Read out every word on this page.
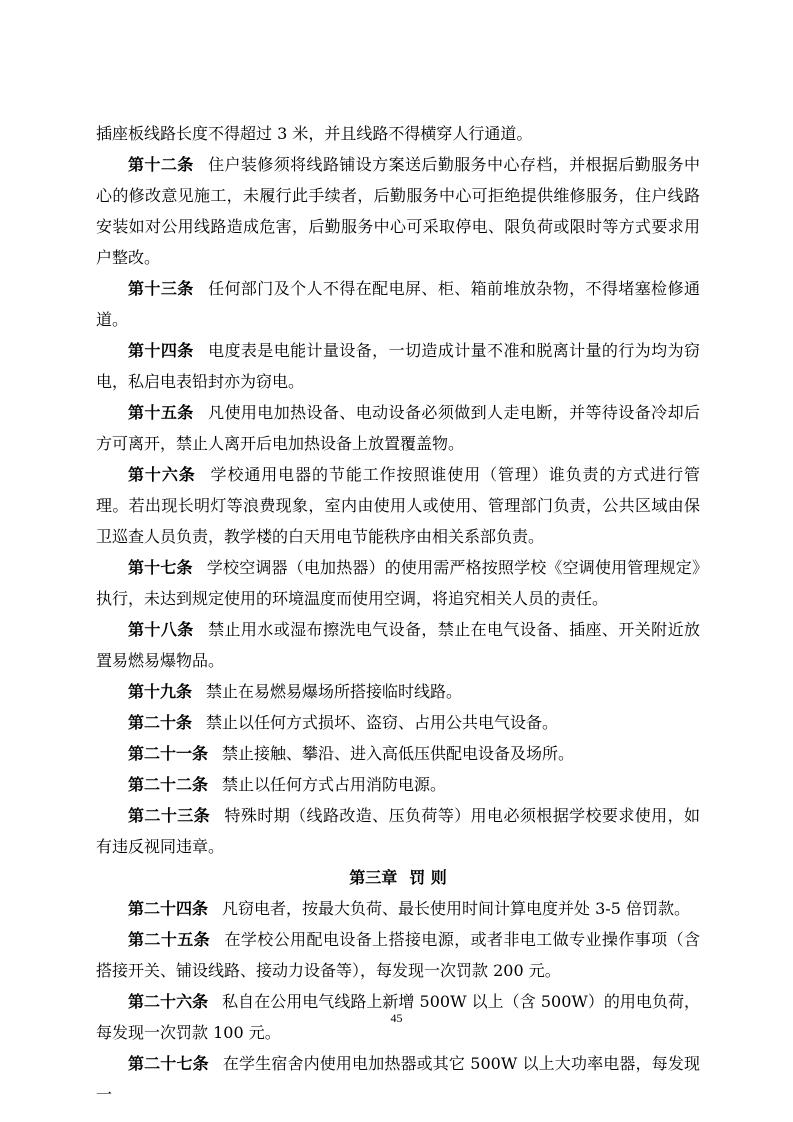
插座板线路长度不得超过 3 米，并且线路不得横穿人行通道。

第十二条 住户装修须将线路铺设方案送后勤服务中心存档，并根据后勤服务中心的修改意见施工，未履行此手续者，后勤服务中心可拒绝提供维修服务，住户线路安装如对公用线路造成危害，后勤服务中心可采取停电、限负荷或限时等方式要求用户整改。

第十三条 任何部门及个人不得在配电屏、柜、箱前堆放杂物，不得堵塞检修通道。

第十四条 电度表是电能计量设备，一切造成计量不准和脱离计量的行为均为窃电，私启电表铅封亦为窃电。

第十五条 凡使用电加热设备、电动设备必须做到人走电断，并等待设备冷却后方可离开，禁止人离开后电加热设备上放置覆盖物。

第十六条 学校通用电器的节能工作按照谁使用（管理）谁负责的方式进行管理。若出现长明灯等浪费现象，室内由使用人或使用、管理部门负责，公共区域由保卫巡查人员负责，教学楼的白天用电节能秩序由相关系部负责。

第十七条 学校空调器（电加热器）的使用需严格按照学校《空调使用管理规定》执行，未达到规定使用的环境温度而使用空调，将追究相关人员的责任。

第十八条 禁止用水或湿布擦洗电气设备，禁止在电气设备、插座、开关附近放置易燃易爆物品。

第十九条 禁止在易燃易爆场所搭接临时线路。

第二十条 禁止以任何方式损坏、盗窃、占用公共电气设备。

第二十一条 禁止接触、攀沿、进入高低压供配电设备及场所。

第二十二条 禁止以任何方式占用消防电源。

第二十三条 特殊时期（线路改造、压负荷等）用电必须根据学校要求使用，如有违反视同违章。

第三章 罚 则

第二十四条 凡窃电者，按最大负荷、最长使用时间计算电度并处 3-5 倍罚款。

第二十五条 在学校公用配电设备上搭接电源，或者非电工做专业操作事项（含搭接开关、铺设线路、接动力设备等），每发现一次罚款 200 元。

第二十六条 私自在公用电气线路上新增 500W 以上（含 500W）的用电负荷，每发现一次罚款 100 元。

第二十七条 在学生宿舍内使用电加热器或其它 500W 以上大功率电器，每发现一

45
